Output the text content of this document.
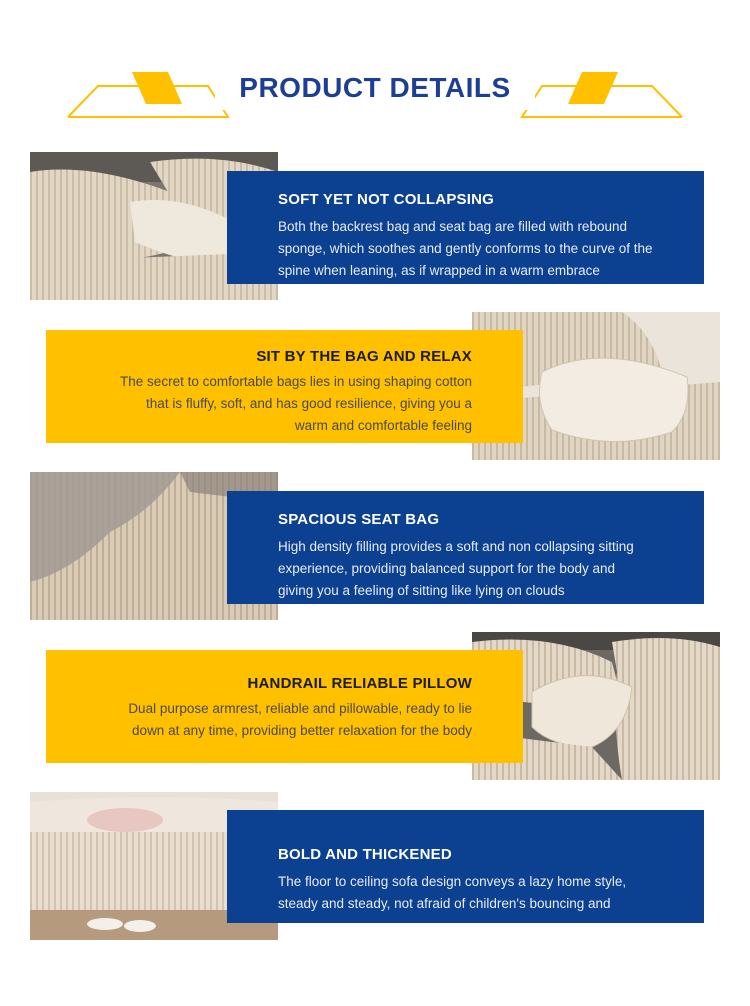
PRODUCT DETAILS
SOFT YET NOT COLLAPSING

Both the backrest bag and seat bag are filled with rebound
sponge, which soothes and gently conforms to the curve of the
spine when leaning, as if wrapped in a warm embrace

SIT BY THE BAG AND RELAX

The secret to comfortable bags lies in using shaping cotton
that is fluffy, soft, and has good resilience, giving you a
warm and comfortable feeling

SPACIOUS SEAT BAG

High density filling provides a soft and non collapsing sitting
experience, providing balanced support for the body and
giving you a feeling of sitting like lying on clouds

HANDRAIL RELIABLE PILLOW

Dual purpose armrest, reliable and pillowable, ready to lie
down at any time, providing better relaxation for the body

BOLD AND THICKENED

The floor to ceiling sofa design conveys a lazy home style,
steady and steady, not afraid of children's bouncing and
